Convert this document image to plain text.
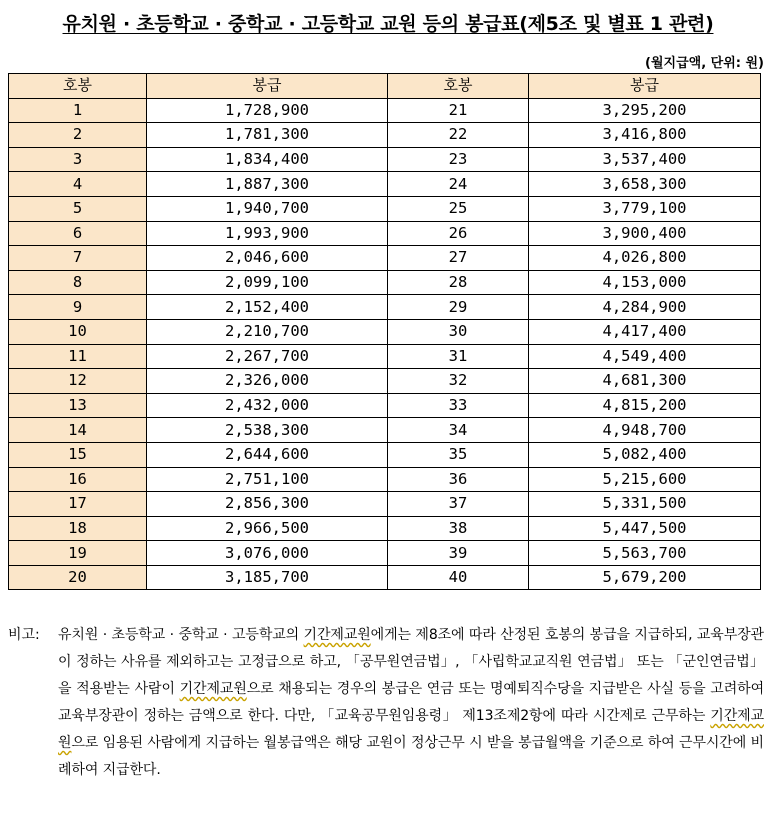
유치원 · 초등학교 · 중학교 · 고등학교 교원 등의 봉급표(제5조 및 별표 1 관련)
(월지급액, 단위: 원)
호봉	봉급	호봉	봉급
1	1,728,900	21	3,295,200
2	1,781,300	22	3,416,800
3	1,834,400	23	3,537,400
4	1,887,300	24	3,658,300
5	1,940,700	25	3,779,100
6	1,993,900	26	3,900,400
7	2,046,600	27	4,026,800
8	2,099,100	28	4,153,000
9	2,152,400	29	4,284,900
10	2,210,700	30	4,417,400
11	2,267,700	31	4,549,400
12	2,326,000	32	4,681,300
13	2,432,000	33	4,815,200
14	2,538,300	34	4,948,700
15	2,644,600	35	5,082,400
16	2,751,100	36	5,215,600
17	2,856,300	37	5,331,500
18	2,966,500	38	5,447,500
19	3,076,000	39	5,563,700
20	3,185,700	40	5,679,200
비고: 유치원 · 초등학교 · 중학교 · 고등학교의 기간제교원에게는 제8조에 따라 산정된 호봉의 봉급을 지급하되, 교육부장관이 정하는 사유를 제외하고는 고정급으로 하고, 「공무원연금법」, 「사립학교교직원 연금법」 또는 「군인연금법」을 적용받는 사람이 기간제교원으로 채용되는 경우의 봉급은 연금 또는 명예퇴직수당을 지급받은 사실 등을 고려하여 교육부장관이 정하는 금액으로 한다. 다만, 「교육공무원임용령」 제13조제2항에 따라 시간제로 근무하는 기간제교원으로 임용된 사람에게 지급하는 월봉급액은 해당 교원이 정상근무 시 받을 봉급월액을 기준으로 하여 근무시간에 비례하여 지급한다.
